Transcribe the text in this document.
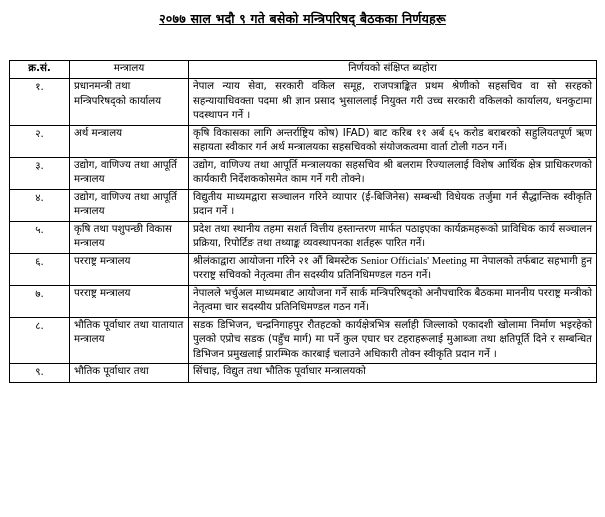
२०७७ साल भदौ ९ गते बसेको मन्त्रिपरिषद् बैठकका निर्णयहरू
क्र.सं.	मन्त्रालय	निर्णयको संक्षिप्त ब्यहोरा
१.	प्रधानमन्त्री तथा मन्त्रिपरिषद्को कार्यालय	नेपाल न्याय सेवा, सरकारी वकिल समूह, राजपत्राङ्कित प्रथम श्रेणीको सहसचिव वा सो सरहको सहन्यायाधिवक्ता पदमा श्री ज्ञान प्रसाद भुसाललाई नियुक्त गरी उच्च सरकारी वकिलको कार्यालय, धनकुटामा पदस्थापन गर्ने ।
२.	अर्थ मन्त्रालय	कृषि विकासका लागि अन्तर्राष्ट्रिय कोष) IFAD) बाट करिब ११ अर्ब ६५ करोड बराबरको सहुलियतपूर्ण ऋण सहायता स्वीकार गर्न अर्थ मन्त्रालयका सहसचिवको संयोजकत्वमा वार्ता टोली गठन गर्ने।
३.	उद्योग, वाणिज्य तथा आपूर्ति मन्त्रालय	उद्योग, वाणिज्य तथा आपूर्ति मन्त्रालयका सहसचिव श्री बलराम रिज्याललाई विशेष आर्थिक क्षेत्र प्राधिकरणको कार्यकारी निर्देशककोसमेत काम गर्ने गरी तोक्ने।
४.	उद्योग, वाणिज्य तथा आपूर्ति मन्त्रालय	विद्युतीय माध्यमद्वारा सञ्चालन गरिने व्यापार (ई-बिजिनेस) सम्बन्धी विधेयक तर्जुमा गर्न सैद्धान्तिक स्वीकृति प्रदान गर्ने ।
५.	कृषि तथा पशुपन्छी विकास मन्त्रालय	प्रदेश तथा स्थानीय तहमा सशर्त वित्तीय हस्तान्तरण मार्फत पठाइएका कार्यक्रमहरूको प्राविधिक कार्य सञ्चालन प्रक्रिया, रिपोर्टिङ तथा तथ्याङ्क व्यवस्थापनका शर्तहरू पारित गर्ने।
६.	परराष्ट्र मन्त्रालय	श्रीलंकाद्वारा आयोजना गरिने २१ औं बिमस्टेक Senior Officials' Meeting मा नेपालको तर्फबाट सहभागी हुन परराष्ट्र सचिवको नेतृत्वमा तीन सदस्यीय प्रतिनिधिमण्डल गठन गर्ने।
७.	परराष्ट्र मन्त्रालय	नेपालले भर्चुअल माध्यमबाट आयोजना गर्ने सार्क मन्त्रिपरिषद्को अनौपचारिक बैठकमा माननीय परराष्ट्र मन्त्रीको नेतृत्वमा चार सदस्यीय प्रतिनिधिमण्डल गठन गर्ने।
८.	भौतिक पूर्वाधार तथा यातायात मन्त्रालय	सडक डिभिजन, चन्द्रनिगाहपुर रौतहटको कार्यक्षेत्रभित्र सर्लाही जिल्लाको एकादशी खोलामा निर्माण भइरहेको पुलको एप्रोच सडक (पहुँच मार्ग) मा पर्ने कुल एघार घर टहराहरूलाई मुआब्जा तथा क्षतिपूर्ति दिने र सम्बन्धित डिभिजन प्रमुखलाई प्रारम्भिक कारबाई चलाउने अधिकारी तोक्न स्वीकृति प्रदान गर्ने ।
९.	भौतिक पूर्वाधार तथा	सिंचाइ, विद्युत तथा भौतिक पूर्वाधार मन्त्रालयको
